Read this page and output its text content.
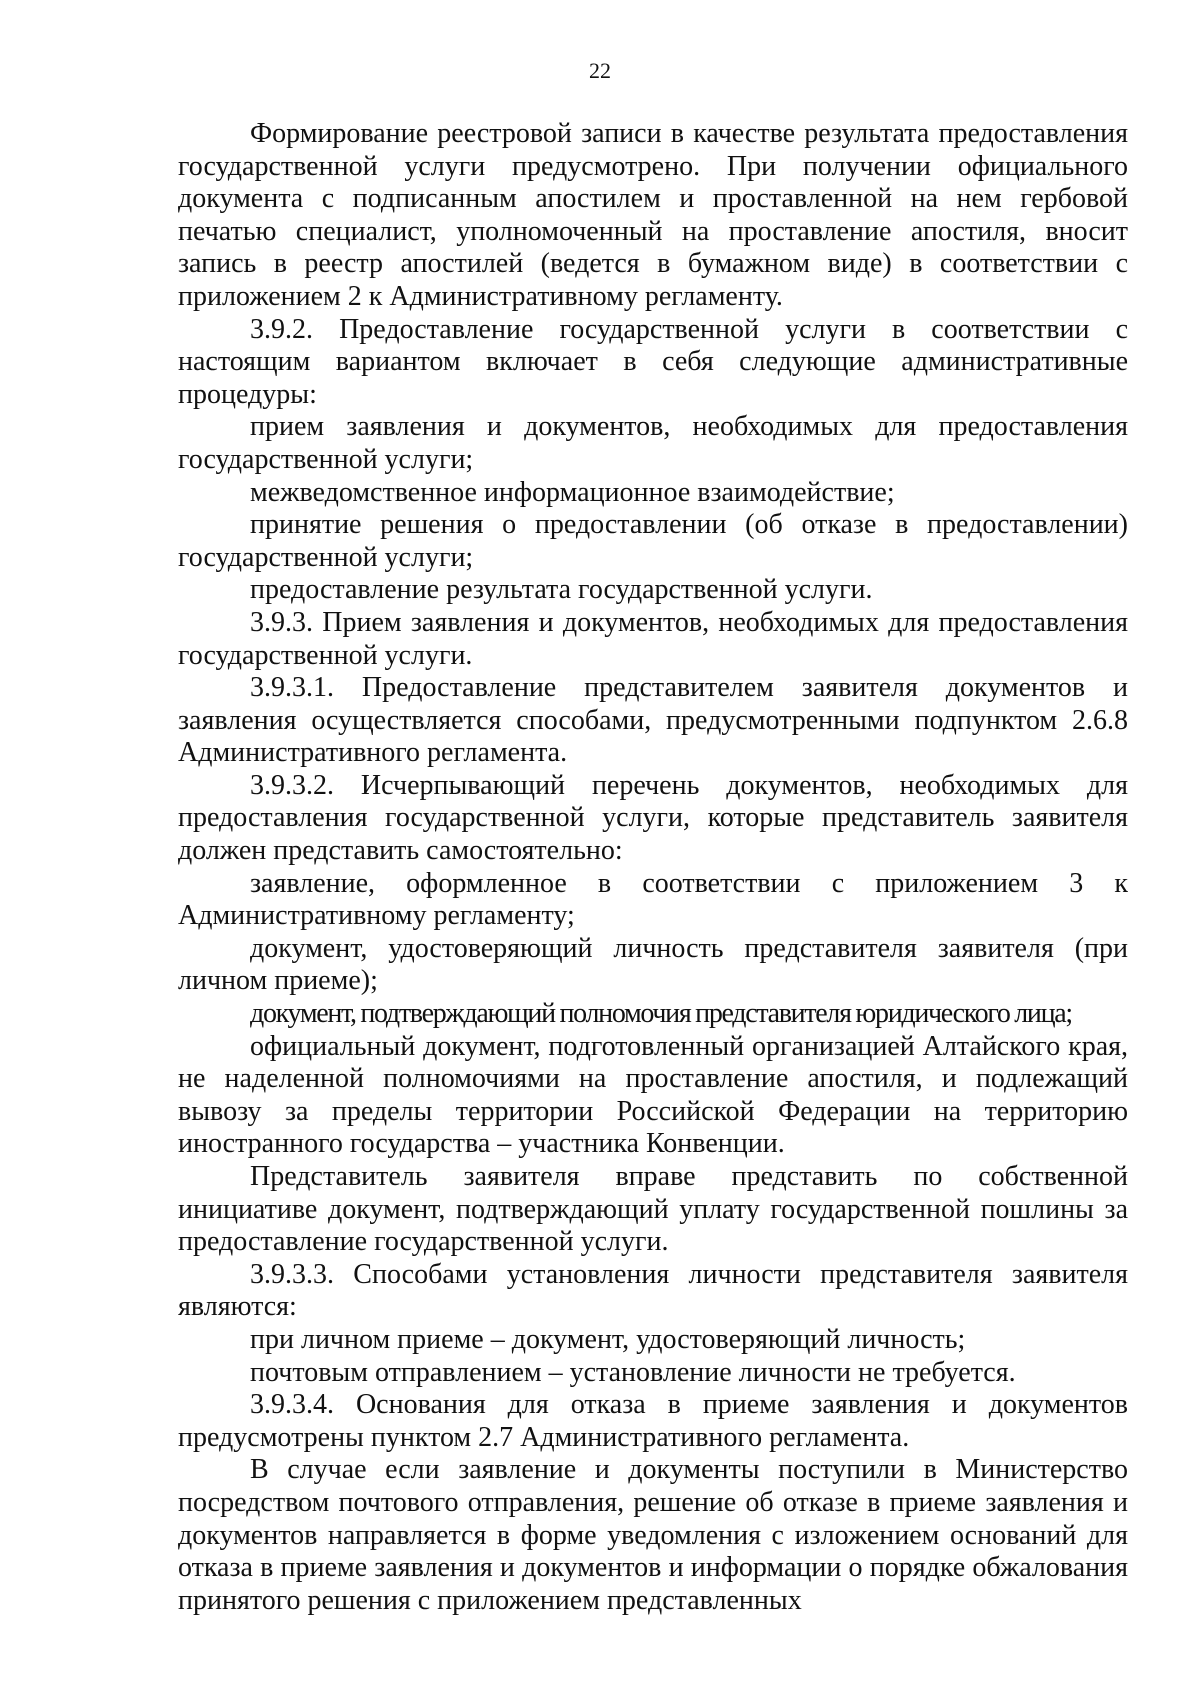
22

Формирование реестровой записи в качестве результата предоставления государственной услуги предусмотрено. При получении официального документа с подписанным апостилем и проставленной на нем гербовой печатью специалист, уполномоченный на проставление апостиля, вносит запись в реестр апостилей (ведется в бумажном виде) в соответствии с приложением 2 к Административному регламенту.

3.9.2. Предоставление государственной услуги в соответствии с настоящим вариантом включает в себя следующие административные процедуры:

прием заявления и документов, необходимых для предоставления государственной услуги;

межведомственное информационное взаимодействие;

принятие решения о предоставлении (об отказе в предоставлении) государственной услуги;

предоставление результата государственной услуги.

3.9.3. Прием заявления и документов, необходимых для предоставления государственной услуги.

3.9.3.1. Предоставление представителем заявителя документов и заявления осуществляется способами, предусмотренными подпунктом 2.6.8 Административного регламента.

3.9.3.2. Исчерпывающий перечень документов, необходимых для предоставления государственной услуги, которые представитель заявителя должен представить самостоятельно:

заявление, оформленное в соответствии с приложением 3 к Административному регламенту;

документ, удостоверяющий личность представителя заявителя (при личном приеме);

документ, подтверждающий полномочия представителя юридического лица;

официальный документ, подготовленный организацией Алтайского края, не наделенной полномочиями на проставление апостиля, и подлежащий вывозу за пределы территории Российской Федерации на территорию иностранного государства – участника Конвенции.

Представитель заявителя вправе представить по собственной инициативе документ, подтверждающий уплату государственной пошлины за предоставление государственной услуги.

3.9.3.3. Способами установления личности представителя заявителя являются:

при личном приеме – документ, удостоверяющий личность;

почтовым отправлением – установление личности не требуется.

3.9.3.4. Основания для отказа в приеме заявления и документов предусмотрены пунктом 2.7 Административного регламента.

В случае если заявление и документы поступили в Министерство посредством почтового отправления, решение об отказе в приеме заявления и документов направляется в форме уведомления с изложением оснований для отказа в приеме заявления и документов и информации о порядке обжалования принятого решения с приложением представленных
